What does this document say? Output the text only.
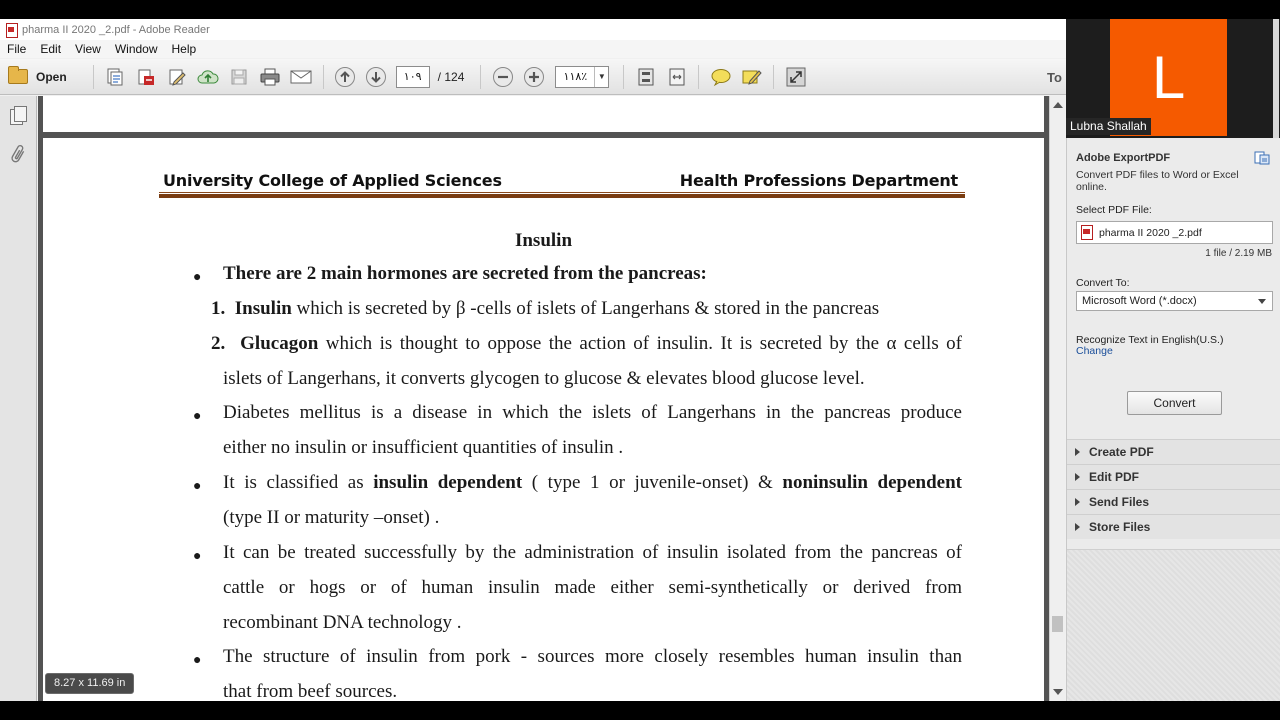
pharma II 2020 _2.pdf - Adobe Reader
File	Edit	View	Window	Help
Open	١٠٩	/ 124	١١٨٪	▼	To
University College of Applied Sciences	Health Professions Department
Insulin
● There are 2 main hormones are secreted from the pancreas:
1. Insulin which is secreted by β -cells of islets of Langerhans & stored in the pancreas
2. Glucagon which is thought to oppose the action of insulin. It is secreted by the α cells of
islets of Langerhans, it converts glycogen to glucose & elevates blood glucose level.
● Diabetes mellitus is a disease in which the islets of Langerhans in the pancreas produce
either no insulin or insufficient quantities of insulin .
● It is classified as insulin dependent ( type 1 or juvenile-onset) & noninsulin dependent
(type II or maturity –onset) .
● It can be treated successfully by the administration of insulin isolated from the pancreas of
cattle or hogs or of human insulin made either semi-synthetically or derived from
recombinant DNA technology .
● The structure of insulin from pork - sources more closely resembles human insulin than
that from beef sources.
8.27 x 11.69 in
Adobe ExportPDF
Convert PDF files to Word or Excel online.
Select PDF File:
pharma II 2020 _2.pdf
1 file / 2.19 MB
Convert To:
Microsoft Word (*.docx)
Recognize Text in English(U.S.)
Change
Convert
Create PDF
Edit PDF
Send Files
Store Files
L
Lubna Shallah
